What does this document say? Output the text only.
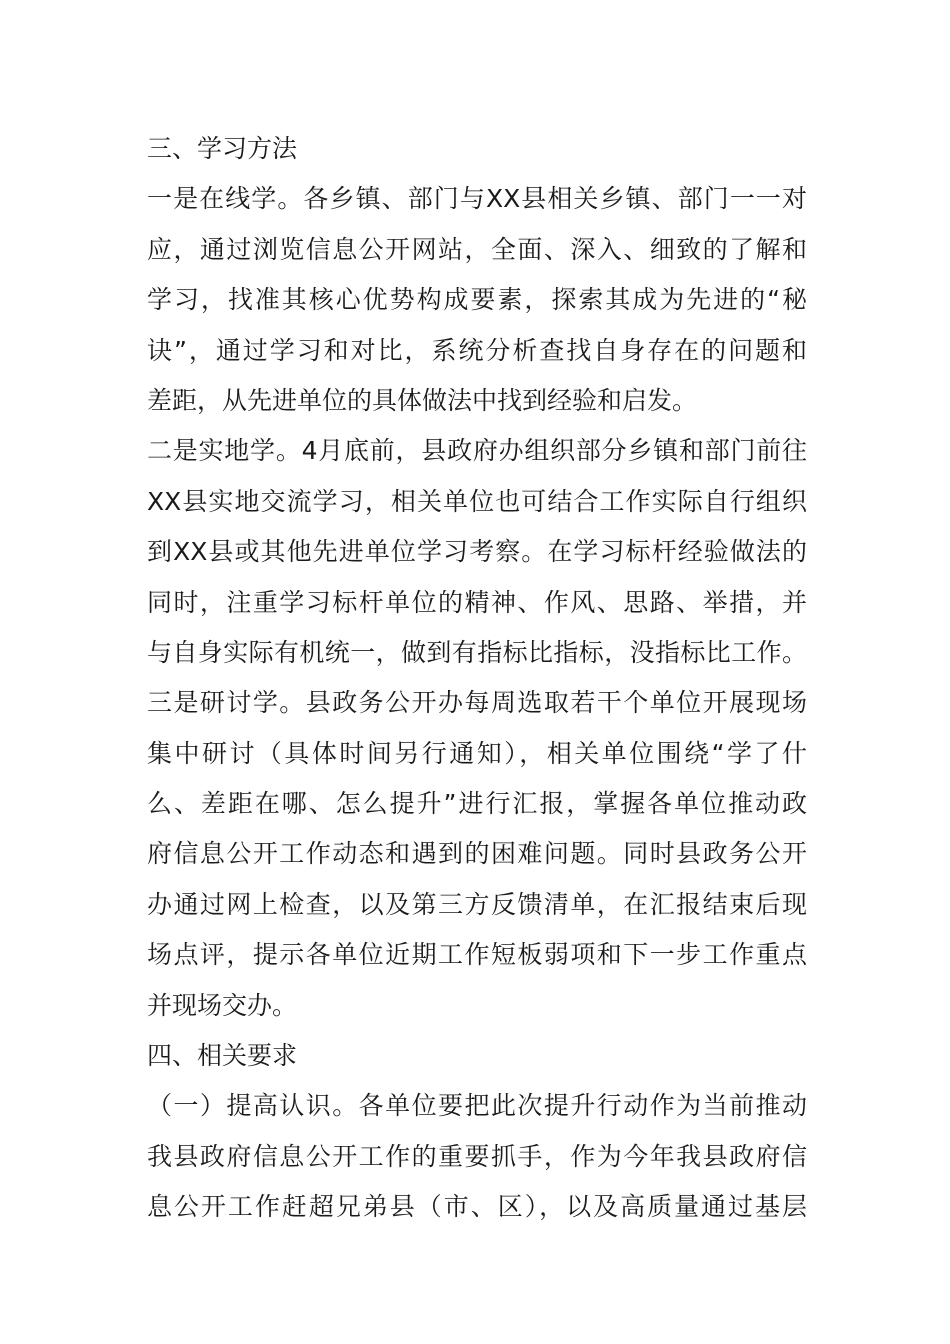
三、学习方法
一是在线学。各乡镇、部门与XX县相关乡镇、部门一一对
应，通过浏览信息公开网站，全面、深入、细致的了解和
学习，找准其核心优势构成要素，探索其成为先进的“秘
诀”，通过学习和对比，系统分析查找自身存在的问题和
差距，从先进单位的具体做法中找到经验和启发。
二是实地学。4月底前，县政府办组织部分乡镇和部门前往
XX县实地交流学习，相关单位也可结合工作实际自行组织
到XX县或其他先进单位学习考察。在学习标杆经验做法的
同时，注重学习标杆单位的精神、作风、思路、举措，并
与自身实际有机统一，做到有指标比指标，没指标比工作。
三是研讨学。县政务公开办每周选取若干个单位开展现场
集中研讨（具体时间另行通知），相关单位围绕“学了什
么、差距在哪、怎么提升”进行汇报，掌握各单位推动政
府信息公开工作动态和遇到的困难问题。同时县政务公开
办通过网上检查，以及第三方反馈清单，在汇报结束后现
场点评，提示各单位近期工作短板弱项和下一步工作重点
并现场交办。
四、相关要求
（一）提高认识。各单位要把此次提升行动作为当前推动
我县政府信息公开工作的重要抓手，作为今年我县政府信
息公开工作赶超兄弟县（市、区），以及高质量通过基层
